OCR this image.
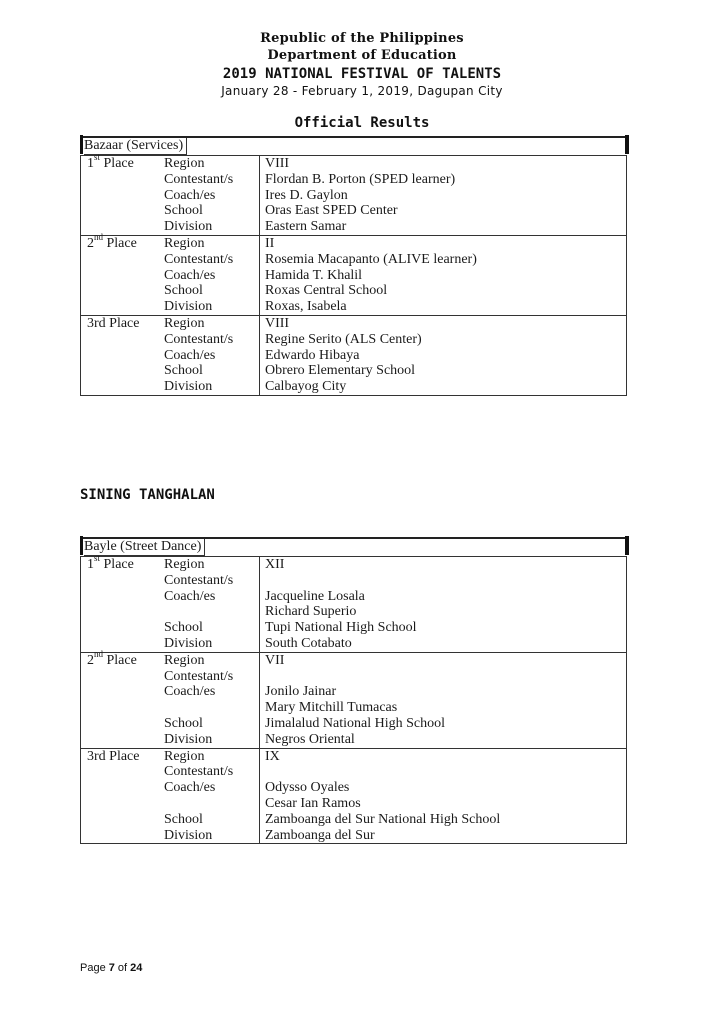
Republic of the Philippines
Department of Education
2019 NATIONAL FESTIVAL OF TALENTS
January 28 - February 1, 2019, Dagupan City
Official Results
Bazaar (Services)
1st Place	Region	VIII
Contestant/s	Flordan B. Porton (SPED learner)
Coach/es	Ires D. Gaylon
School	Oras East SPED Center
Division	Eastern Samar
2nd Place	Region	II
Contestant/s	Rosemia Macapanto (ALIVE learner)
Coach/es	Hamida T. Khalil
School	Roxas Central School
Division	Roxas, Isabela
3rd Place	Region	VIII
Contestant/s	Regine Serito (ALS Center)
Coach/es	Edwardo Hibaya
School	Obrero Elementary School
Division	Calbayog City
SINING TANGHALAN
Bayle (Street Dance)
1st Place	Region	XII
Contestant/s
Coach/es	Jacqueline Losala
Richard Superio
School	Tupi National High School
Division	South Cotabato
2nd Place	Region	VII
Contestant/s
Coach/es	Jonilo Jainar
Mary Mitchill Tumacas
School	Jimalalud National High School
Division	Negros Oriental
3rd Place	Region	IX
Contestant/s
Coach/es	Odysso Oyales
Cesar Ian Ramos
School	Zamboanga del Sur National High School
Division	Zamboanga del Sur
Page 7 of 24
